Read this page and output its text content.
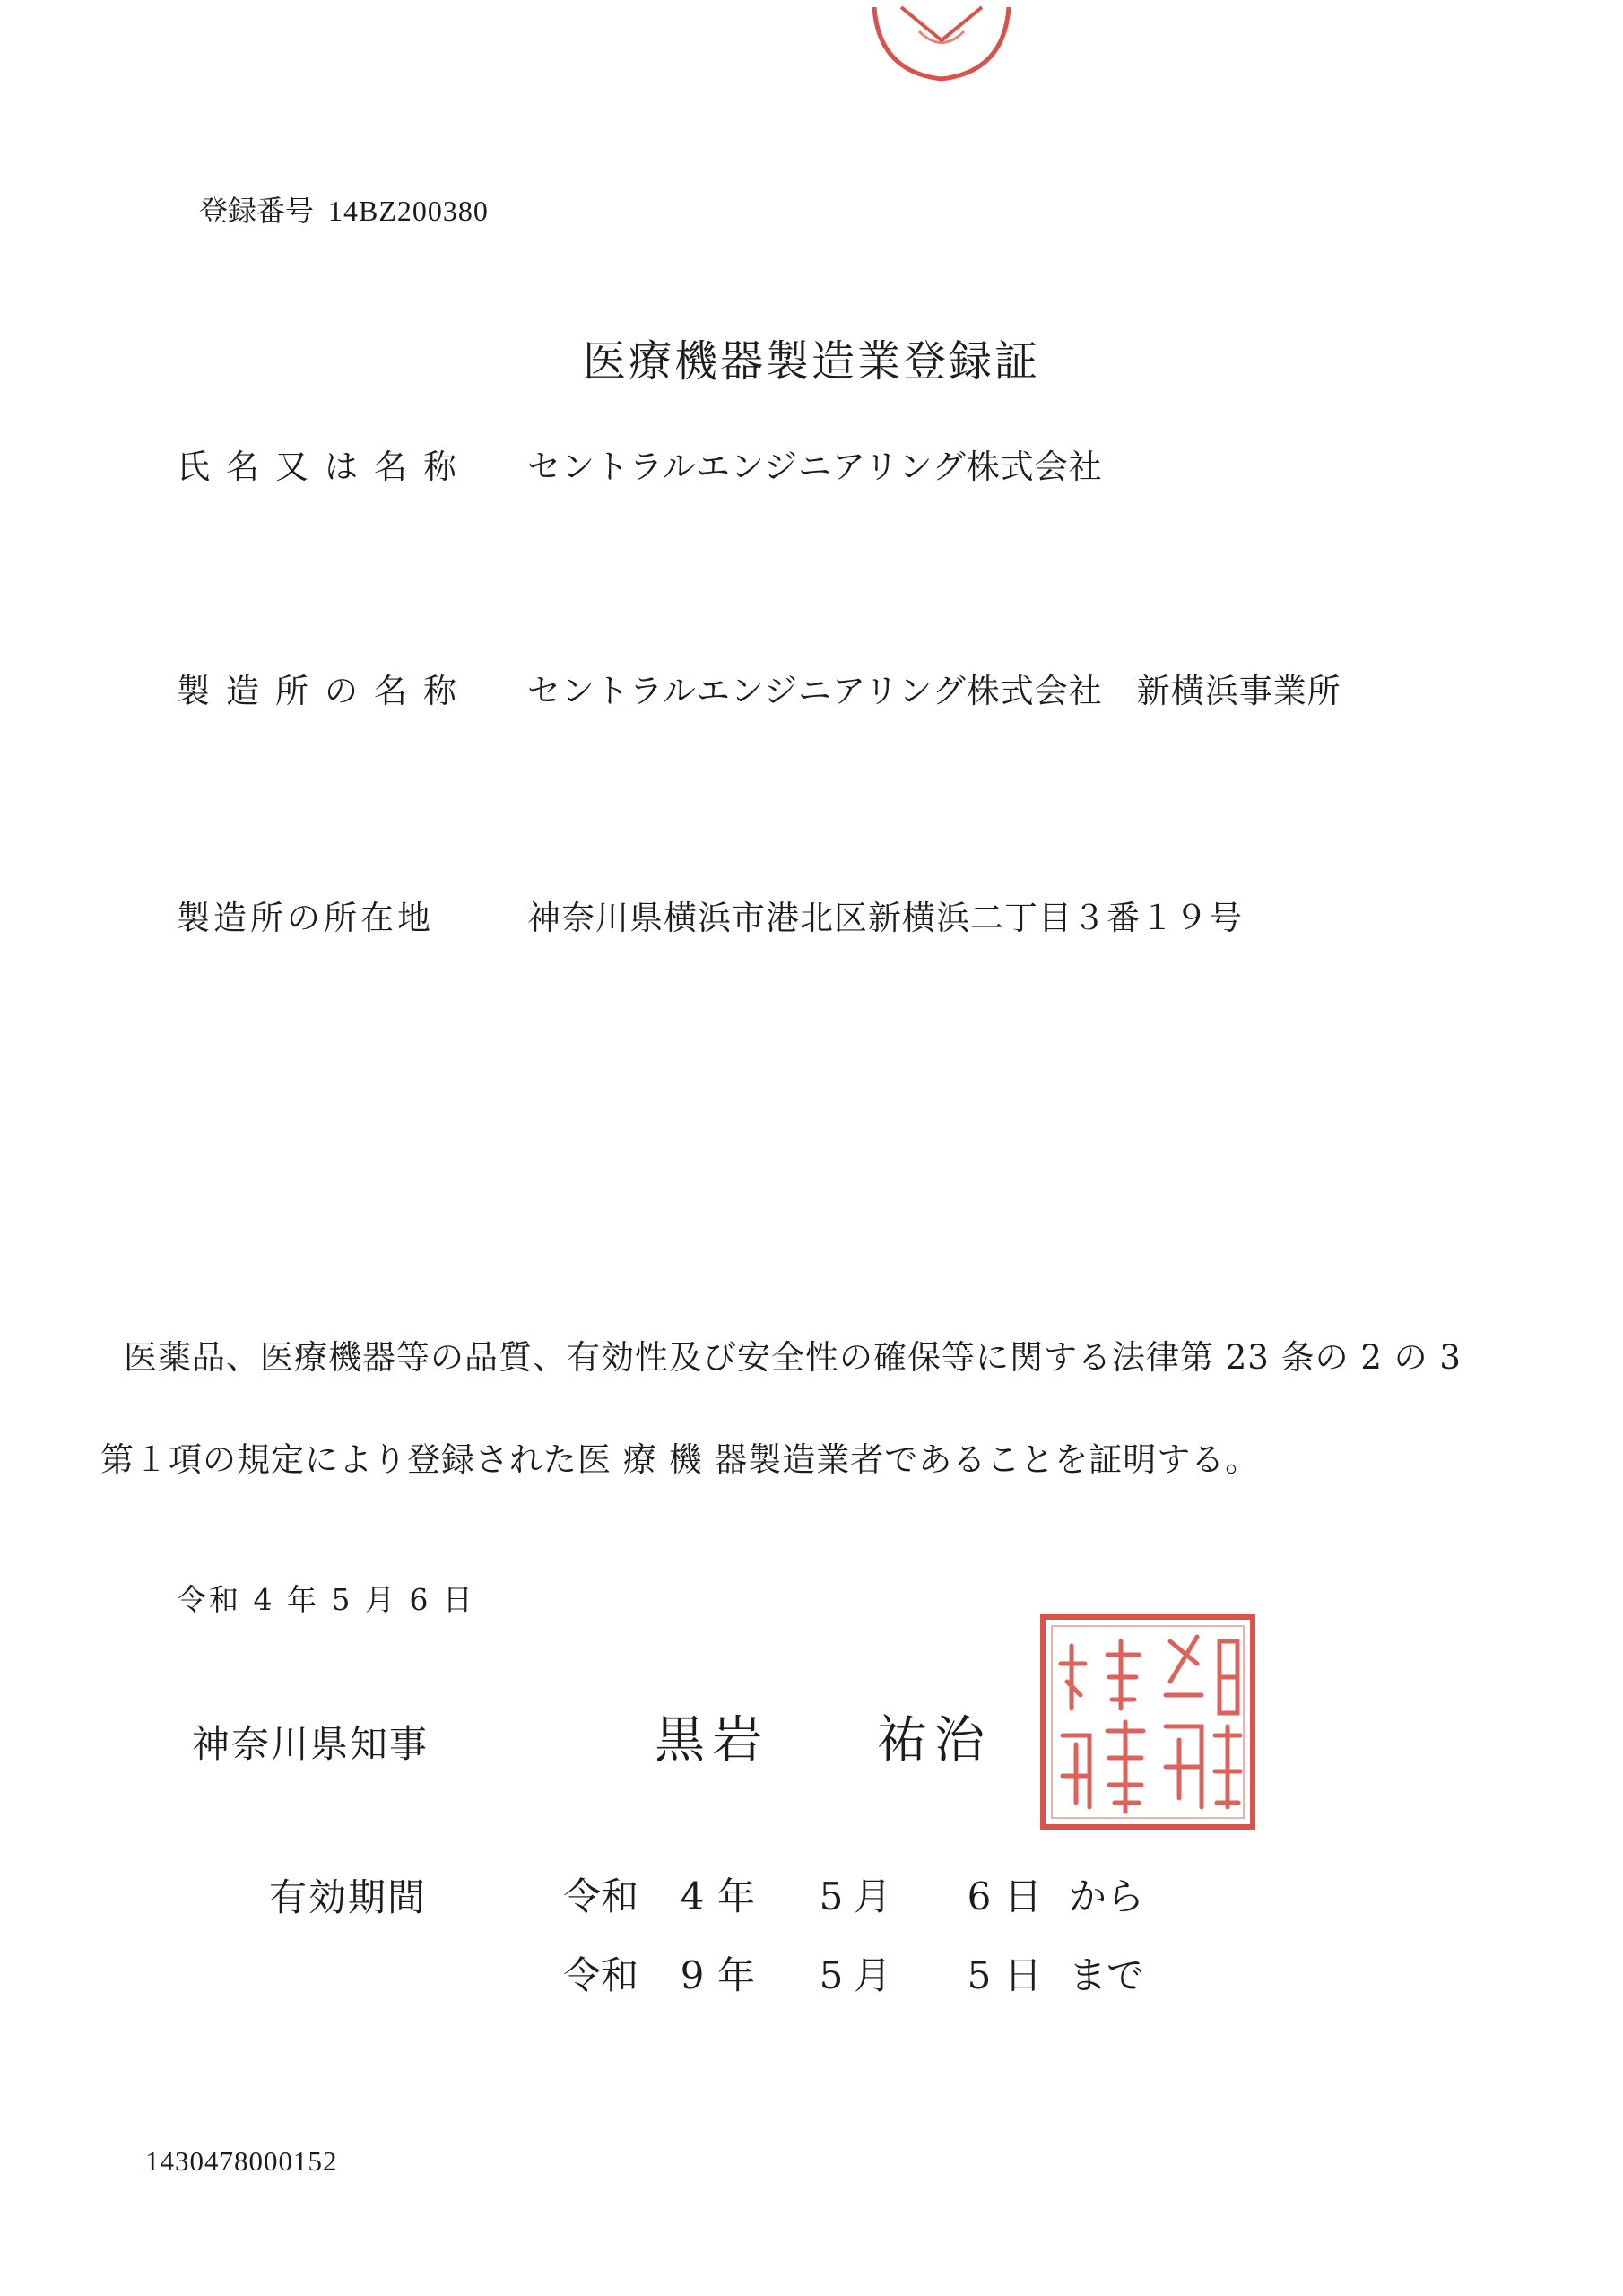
登録番号 14BZ200380
医療機器製造業登録証
氏名又は名称 セントラルエンジニアリング株式会社
製造所の名称 セントラルエンジニアリング株式会社　新横浜事業所
製造所の所在地	神奈川県横浜市港北区新横浜二丁目３番１９号
医薬品、医療機器等の品質、有効性及び安全性の確保等に関する法律第 23 条の 2 の 3
第１項の規定により登録された医 療 機 器製造業者であることを証明する。
令和 4 年 5 月 6 日
神奈川県知事	黒岩 祐治
有効期間	令和 4 年 5 月 6 日 から
令和 9 年 5 月 5 日 まで
1430478000152
